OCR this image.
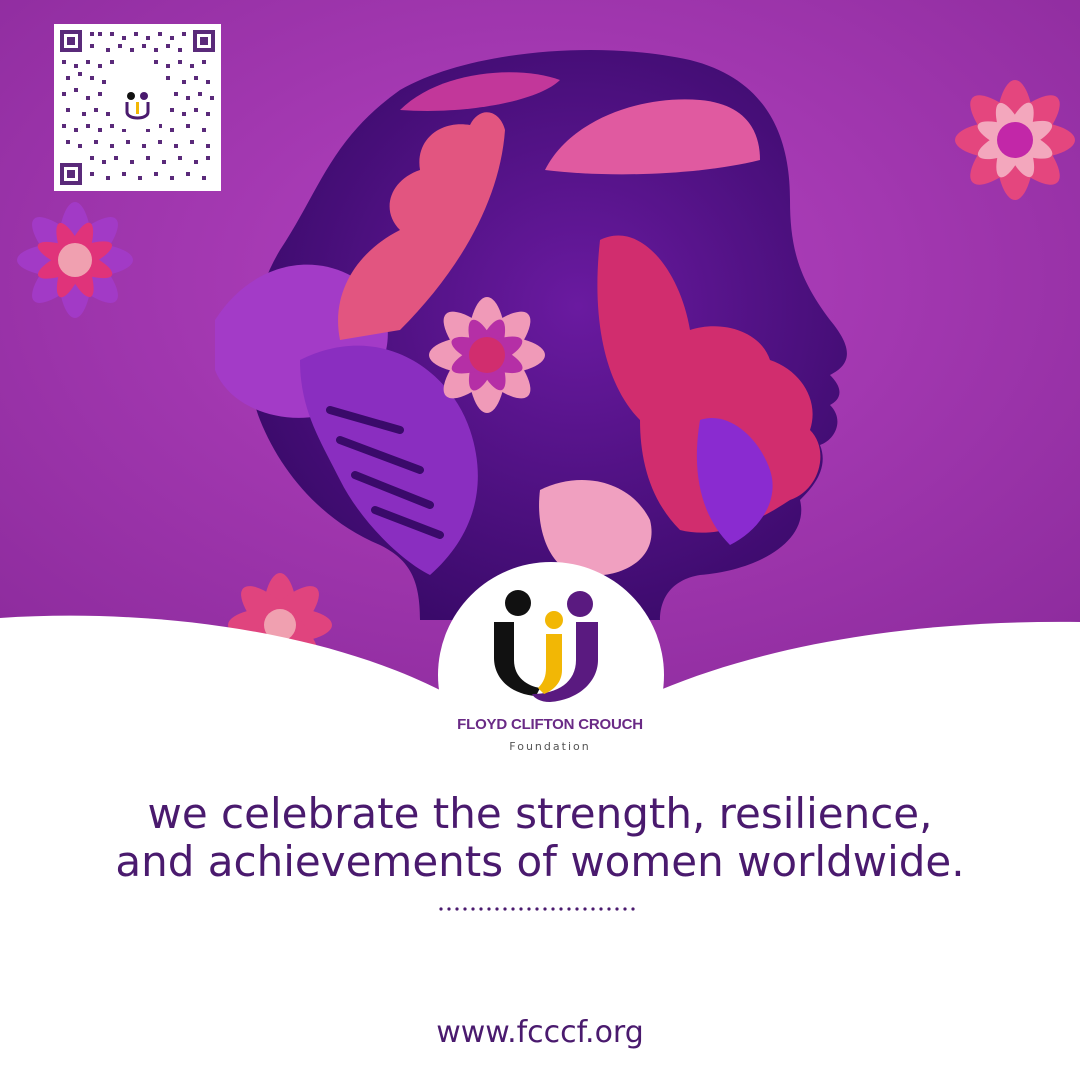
FLOYD CLIFTON CROUCH
Foundation
we celebrate the strength, resilience,
and achievements of women worldwide.
www.fcccf.org
